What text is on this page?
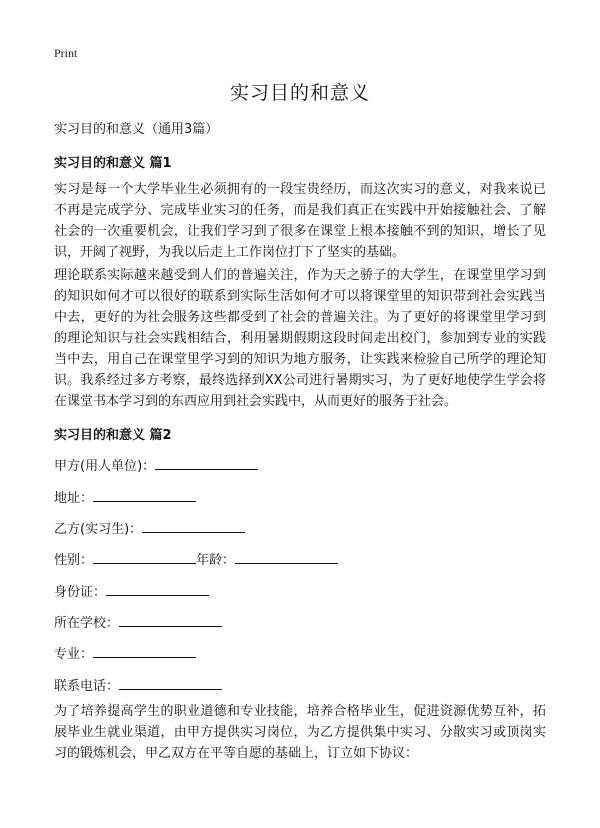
Print
实习目的和意义
实习目的和意义（通用3篇）
实习目的和意义 篇1

实习是每一个大学毕业生必须拥有的一段宝贵经历，而这次实习的意义，对我来说已不再是完成学分、完成毕业实习的任务，而是我们真正在实践中开始接触社会、了解社会的一次重要机会，让我们学习到了很多在课堂上根本接触不到的知识，增长了见识，开阔了视野，为我以后走上工作岗位打下了坚实的基础。

理论联系实际越来越受到人们的普遍关注，作为天之骄子的大学生，在课堂里学习到的知识如何才可以很好的联系到实际生活如何才可以将课堂里的知识带到社会实践当中去，更好的为社会服务这些都受到了社会的普遍关注。为了更好的将课堂里学习到的理论知识与社会实践相结合，利用暑期假期这段时间走出校门，参加到专业的实践当中去，用自己在课堂里学习到的知识为地方服务，让实践来检验自己所学的理论知识。我系经过多方考察，最终选择到XX公司进行暑期实习，为了更好地使学生学会将在课堂书本学习到的东西应用到社会实践中，从而更好的服务于社会。

实习目的和意义 篇2
甲方(用人单位)：
地址：
乙方(实习生)：
性别：	年龄：
身份证：
所在学校：
专业：
联系电话：

为了培养提高学生的职业道德和专业技能，培养合格毕业生，促进资源优势互补，拓展毕业生就业渠道，由甲方提供实习岗位，为乙方提供集中实习、分散实习或顶岗实习的锻炼机会，甲乙双方在平等自愿的基础上，订立如下协议：
